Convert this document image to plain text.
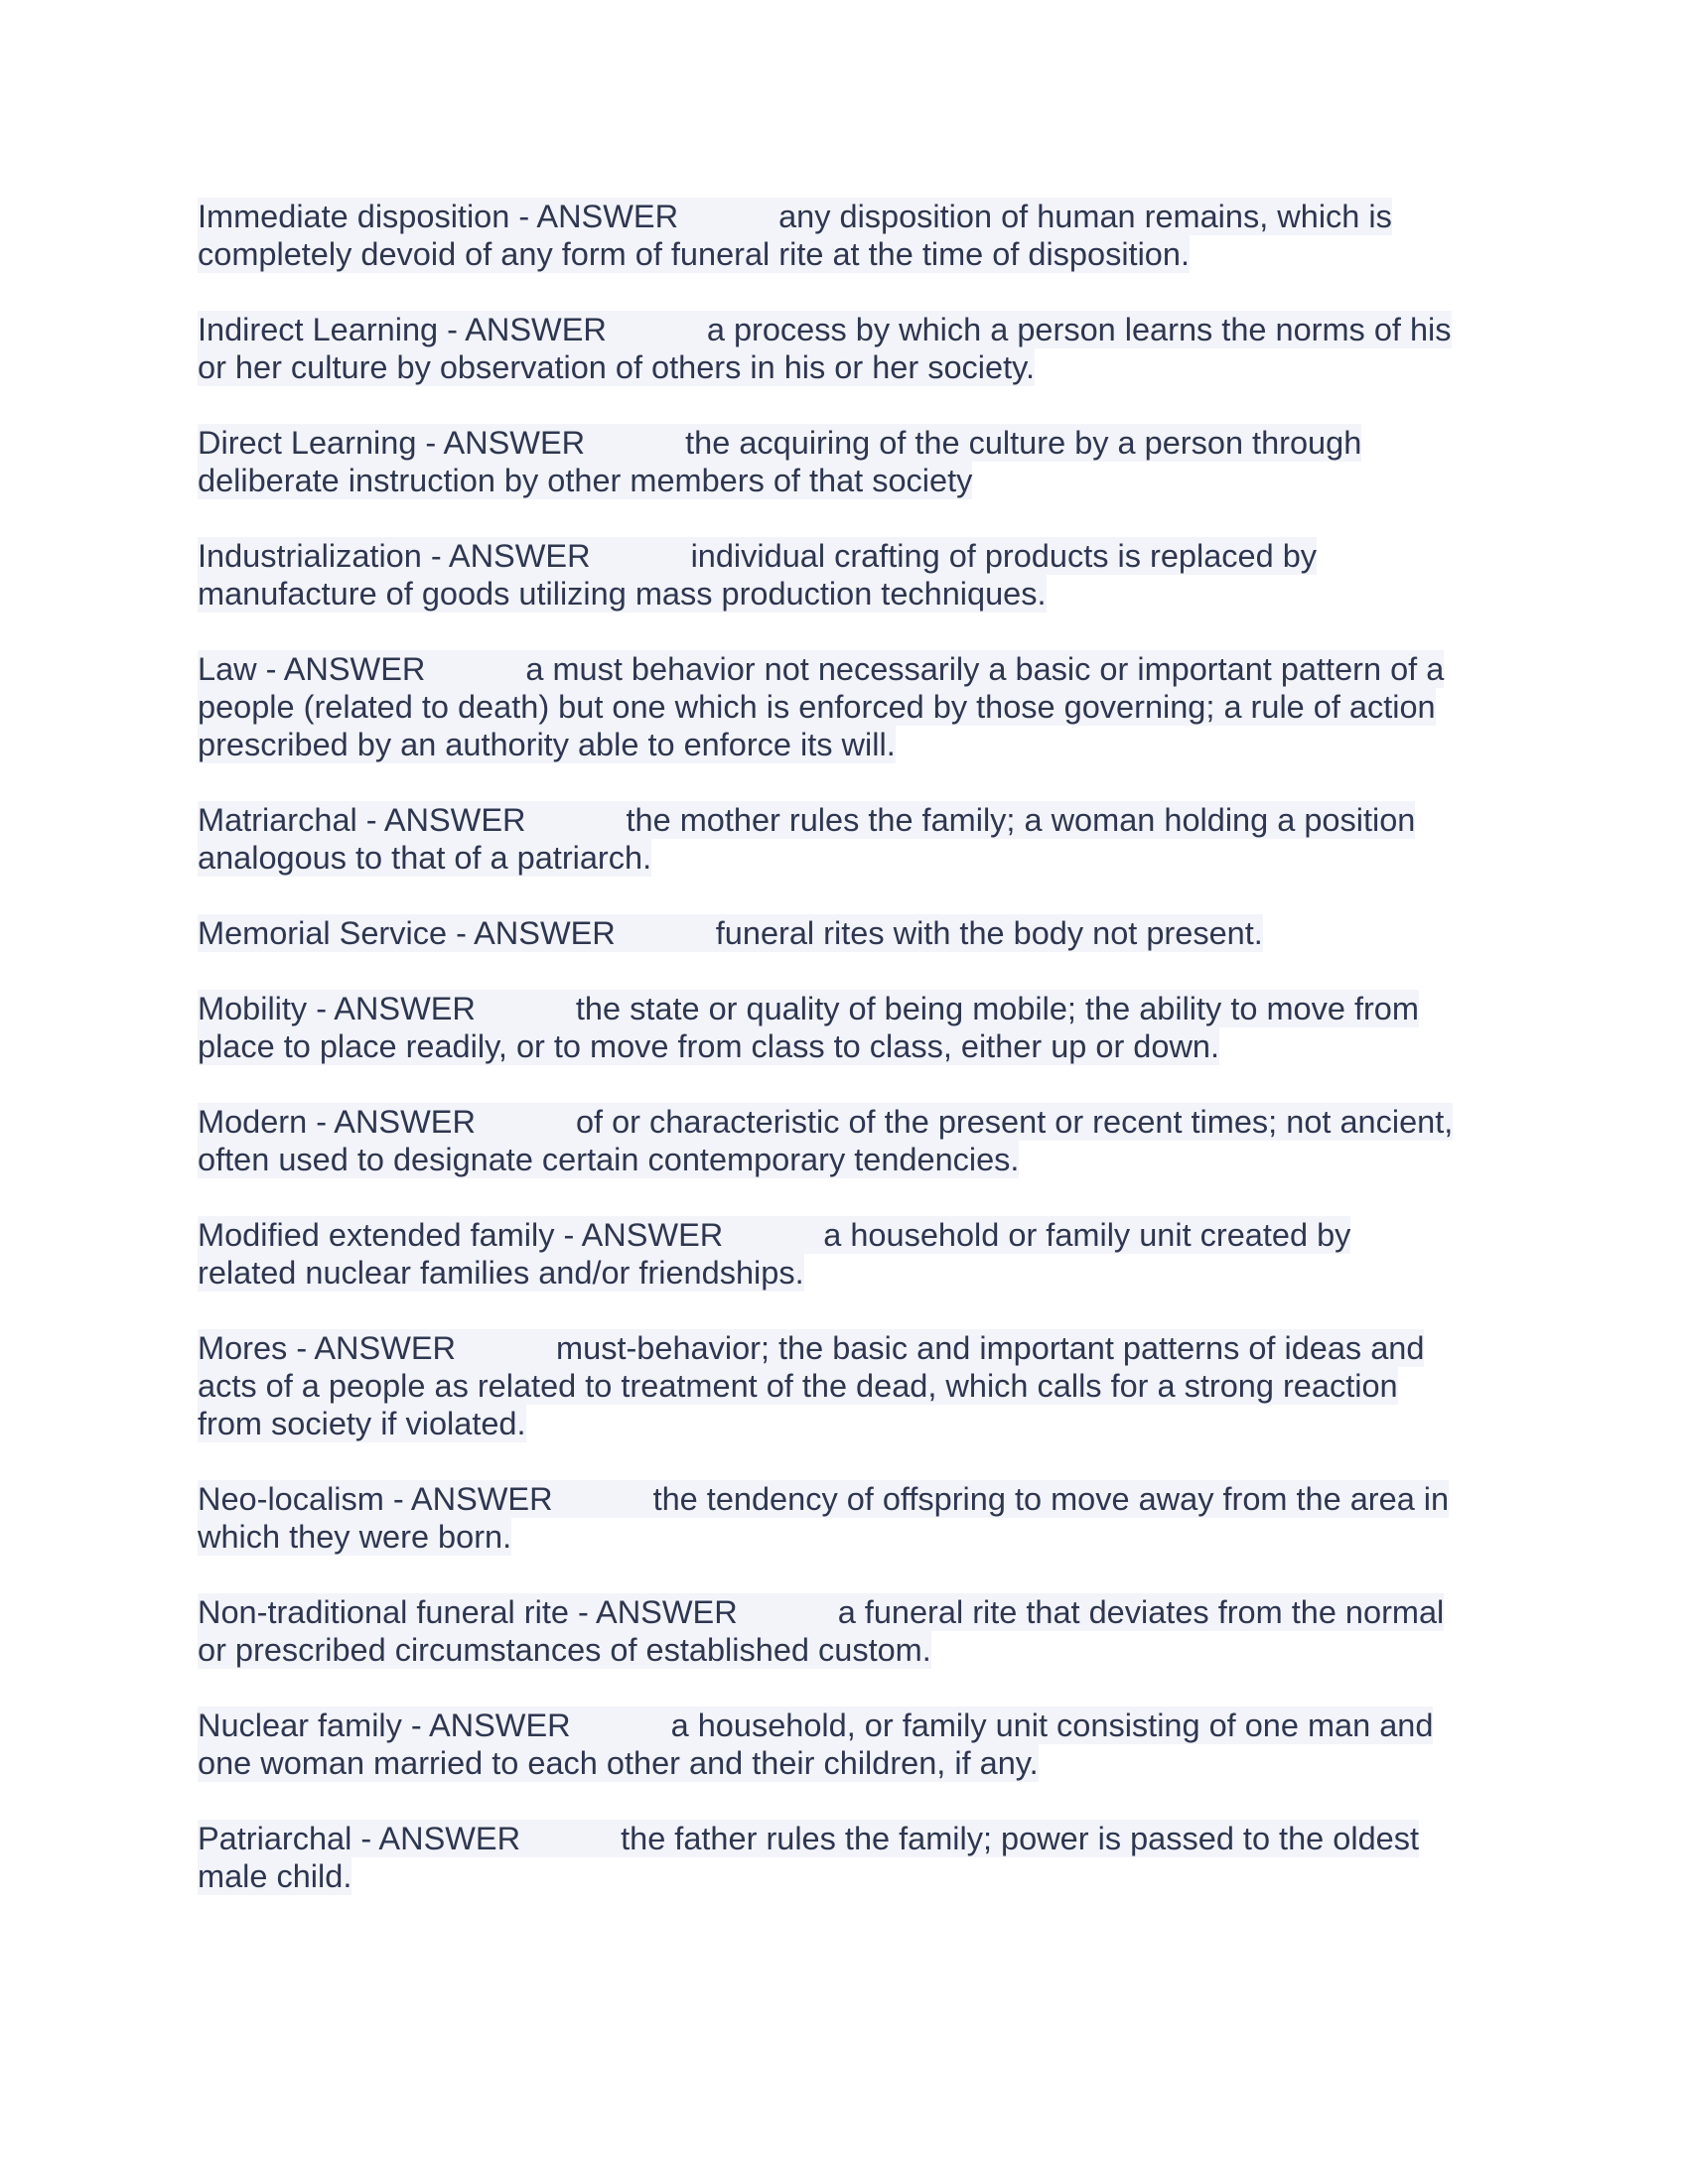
Immediate disposition - ANSWER	any disposition of human remains, which is
completely devoid of any form of funeral rite at the time of disposition.
Indirect Learning - ANSWER	a process by which a person learns the norms of his
or her culture by observation of others in his or her society.
Direct Learning - ANSWER	the acquiring of the culture by a person through
deliberate instruction by other members of that society
Industrialization - ANSWER	individual crafting of products is replaced by
manufacture of goods utilizing mass production techniques.
Law - ANSWER	a must behavior not necessarily a basic or important pattern of a
people (related to death) but one which is enforced by those governing; a rule of action
prescribed by an authority able to enforce its will.
Matriarchal - ANSWER	the mother rules the family; a woman holding a position
analogous to that of a patriarch.
Memorial Service - ANSWER	funeral rites with the body not present.
Mobility - ANSWER	the state or quality of being mobile; the ability to move from
place to place readily, or to move from class to class, either up or down.
Modern - ANSWER	of or characteristic of the present or recent times; not ancient,
often used to designate certain contemporary tendencies.
Modified extended family - ANSWER	a household or family unit created by
related nuclear families and/or friendships.
Mores - ANSWER	must-behavior; the basic and important patterns of ideas and
acts of a people as related to treatment of the dead, which calls for a strong reaction
from society if violated.
Neo-localism - ANSWER	the tendency of offspring to move away from the area in
which they were born.
Non-traditional funeral rite - ANSWER	a funeral rite that deviates from the normal
or prescribed circumstances of established custom.
Nuclear family - ANSWER	a household, or family unit consisting of one man and
one woman married to each other and their children, if any.
Patriarchal - ANSWER	the father rules the family; power is passed to the oldest
male child.
